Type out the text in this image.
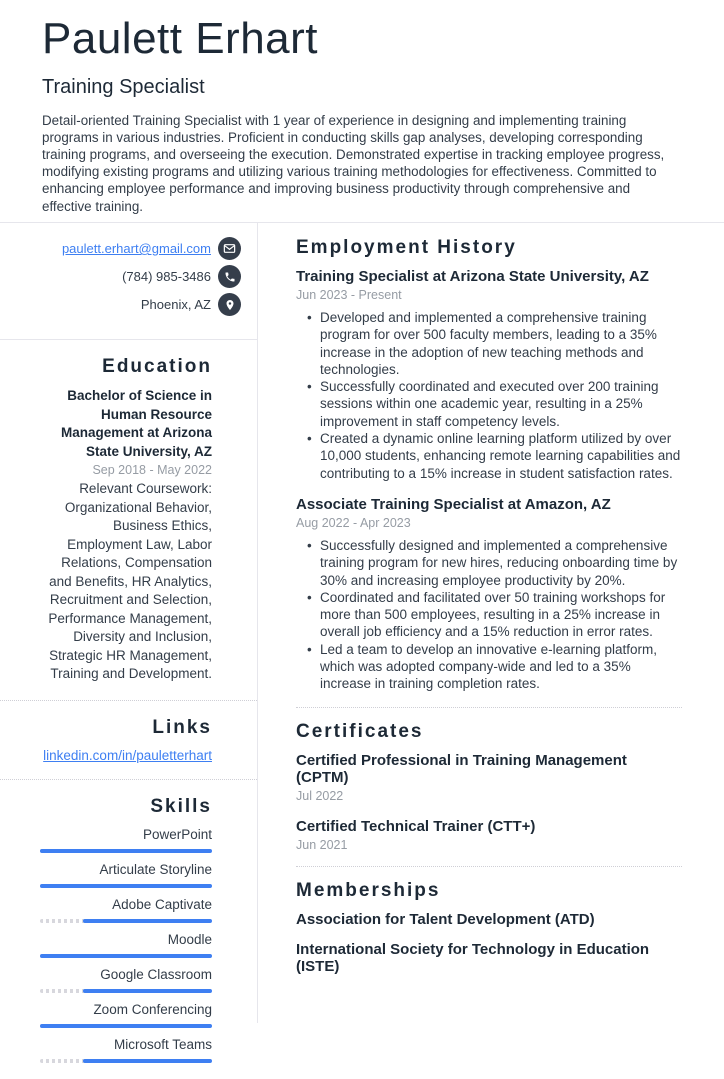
Paulett Erhart
Training Specialist

Detail-oriented Training Specialist with 1 year of experience in designing and implementing training programs in various industries. Proficient in conducting skills gap analyses, developing corresponding training programs, and overseeing the execution. Demonstrated expertise in tracking employee progress, modifying existing programs and utilizing various training methodologies for effectiveness. Committed to enhancing employee performance and improving business productivity through comprehensive and effective training.

paulett.erhart@gmail.com
(784) 985-3486
Phoenix, AZ
Education
Bachelor of Science in Human Resource Management at Arizona State University, AZ
Sep 2018 - May 2022

Relevant Coursework: Organizational Behavior, Business Ethics, Employment Law, Labor Relations, Compensation and Benefits, HR Analytics, Recruitment and Selection, Performance Management, Diversity and Inclusion, Strategic HR Management, Training and Development.

Links
linkedin.com/in/pauletterhart
Skills
PowerPoint
Articulate Storyline
Adobe Captivate
Moodle
Google Classroom
Zoom Conferencing
Microsoft Teams
Employment History
Training Specialist at Arizona State University, AZ
Jun 2023 - Present
• Developed and implemented a comprehensive training program for over 500 faculty members, leading to a 35% increase in the adoption of new teaching methods and technologies.
• Successfully coordinated and executed over 200 training sessions within one academic year, resulting in a 25% improvement in staff competency levels.
• Created a dynamic online learning platform utilized by over 10,000 students, enhancing remote learning capabilities and contributing to a 15% increase in student satisfaction rates.
Associate Training Specialist at Amazon, AZ
Aug 2022 - Apr 2023
• Successfully designed and implemented a comprehensive training program for new hires, reducing onboarding time by 30% and increasing employee productivity by 20%.
• Coordinated and facilitated over 50 training workshops for more than 500 employees, resulting in a 25% increase in overall job efficiency and a 15% reduction in error rates.
• Led a team to develop an innovative e-learning platform, which was adopted company-wide and led to a 35% increase in training completion rates.
Certificates
Certified Professional in Training Management (CPTM)
Jul 2022
Certified Technical Trainer (CTT+)
Jun 2021
Memberships
Association for Talent Development (ATD)
International Society for Technology in Education (ISTE)
